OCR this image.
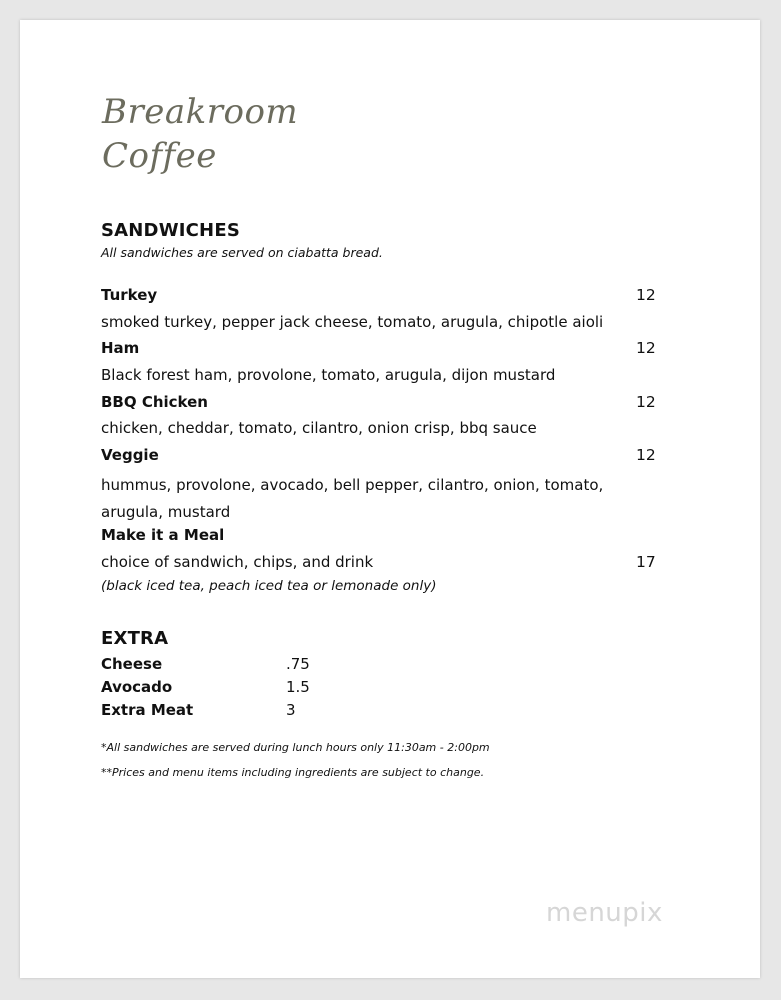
Breakroom
Coffee
SANDWICHES
All sandwiches are served on ciabatta bread.
Turkey	12
smoked turkey, pepper jack cheese, tomato, arugula, chipotle aioli
Ham	12
Black forest ham, provolone, tomato, arugula, dijon mustard
BBQ Chicken	12
chicken, cheddar, tomato, cilantro, onion crisp, bbq sauce
Veggie	12
hummus, provolone, avocado, bell pepper, cilantro, onion, tomato, arugula, mustard
Make it a Meal
choice of sandwich, chips, and drink	17
(black iced tea, peach iced tea or lemonade only)
EXTRA
Cheese	.75
Avocado	1.5
Extra Meat	3
*All sandwiches are served during lunch hours only 11:30am - 2:00pm
**Prices and menu items including ingredients are subject to change.
menupix
